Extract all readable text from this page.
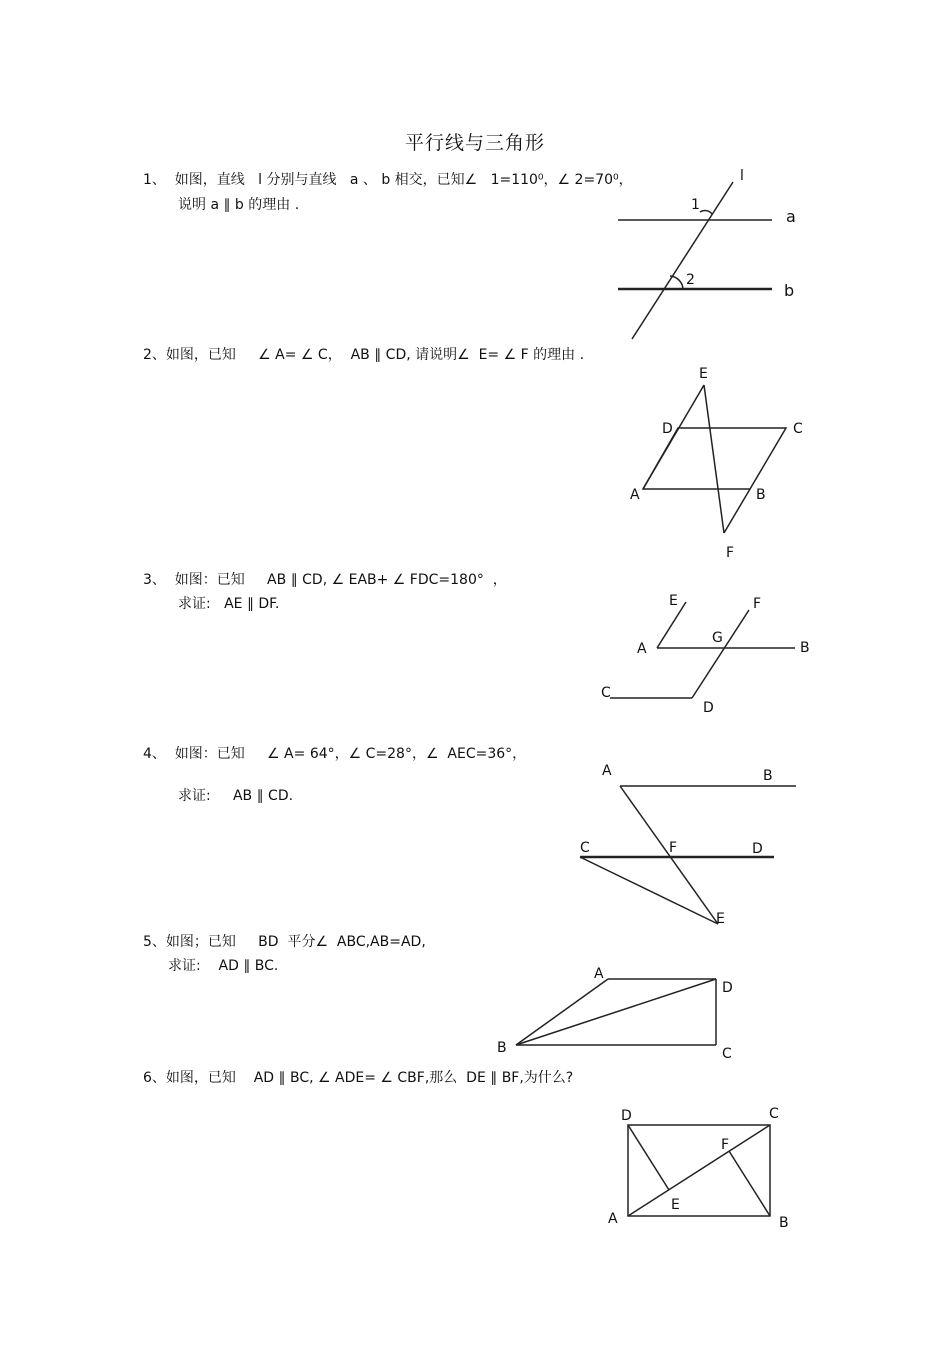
平行线与三角形
1、  如图，直线   l 分别与直线   a 、 b 相交，已知∠   1=110⁰，∠ 2=70⁰，
说明 a ∥ b 的理由 .
2、如图，已知     ∠ A= ∠ C，  AB ∥ CD, 请说明∠  E= ∠ F 的理由 .
3、  如图：已知     AB ∥ CD, ∠ EAB+ ∠ FDC=180°  ，
求证:   AE ∥ DF.
4、  如图：已知     ∠ A= 64°，∠ C=28°，∠  AEC=36°，
求证:     AB ∥ CD.
5、如图；已知     BD  平分∠  ABC,AB=AD,
求证:    AD ∥ BC.
6、如图，已知    AD ∥ BC, ∠ ADE= ∠ CBF,那么  DE ∥ BF,为什么?
l
1
a
2
b
E
D	C
A	B
F
E	F
G
A	B
C
D
A	B
C	F	D
E
A
D
B	C
D	C
F
E
A	B
